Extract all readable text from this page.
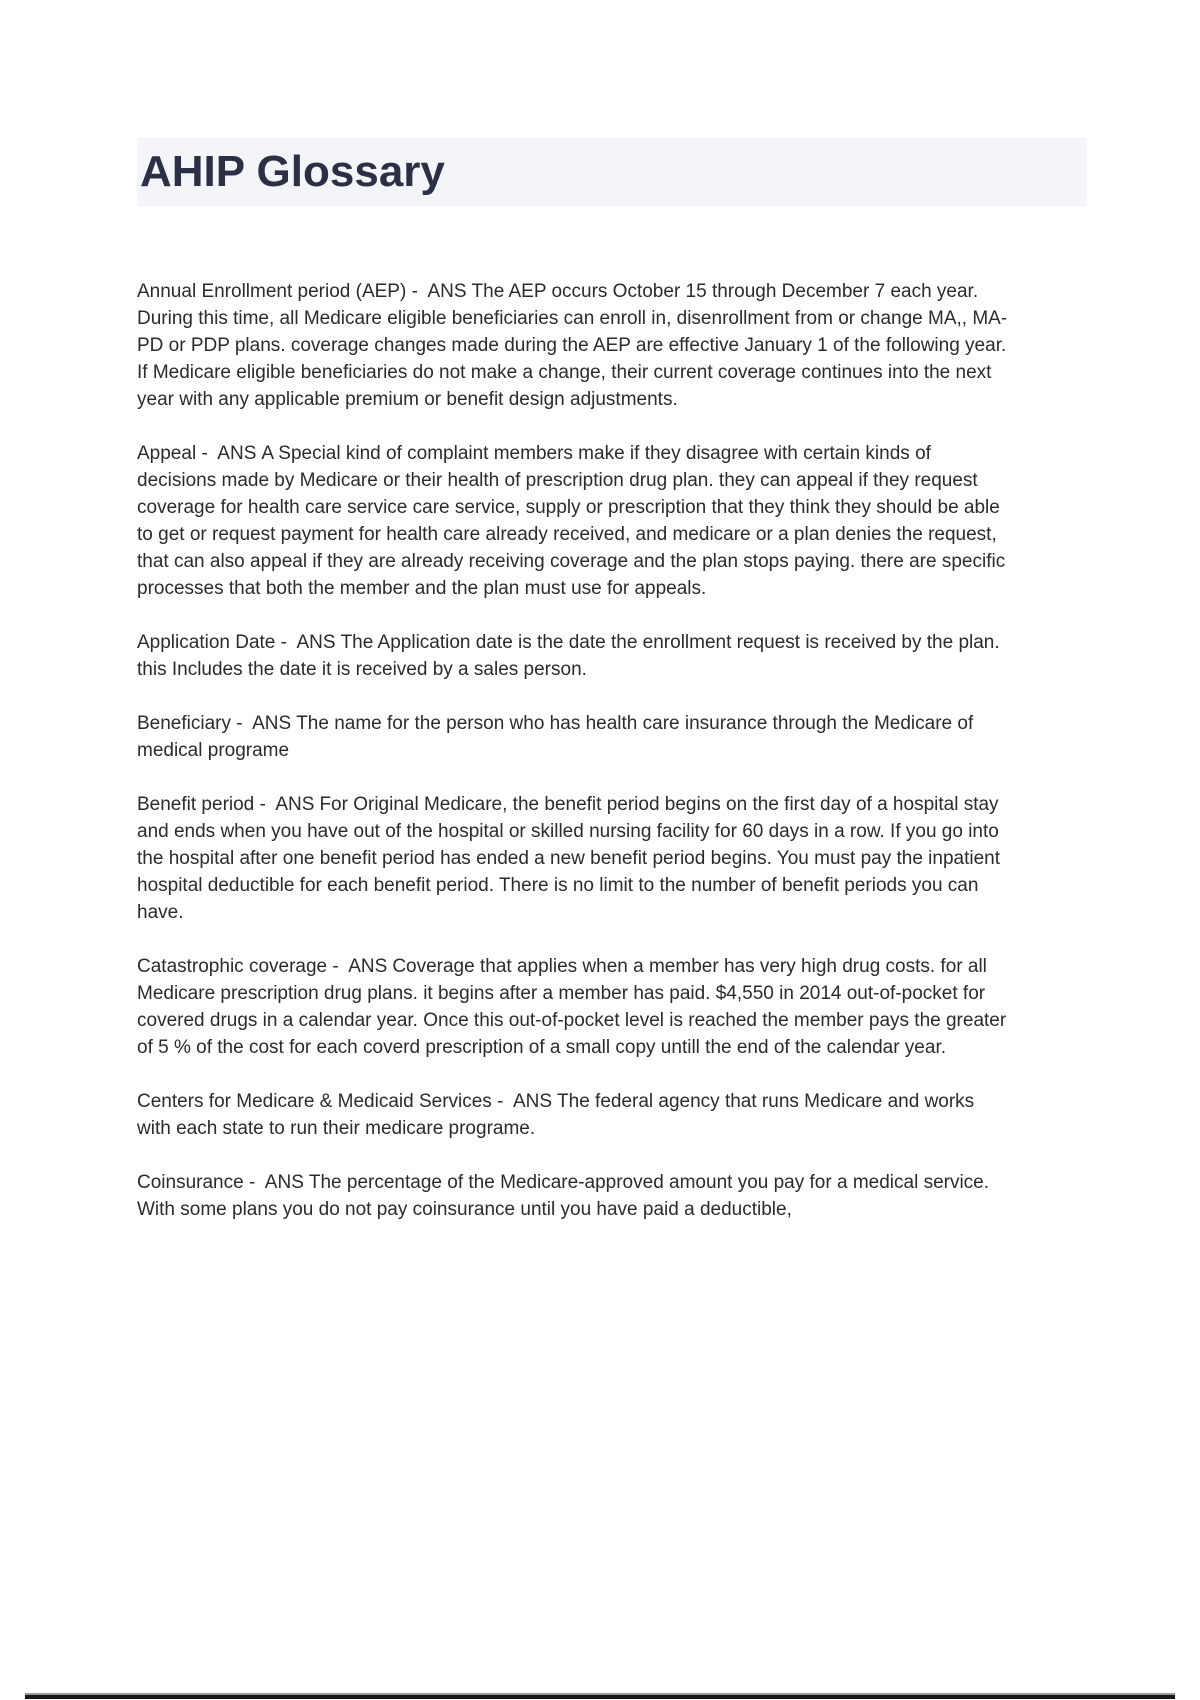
AHIP Glossary

Annual Enrollment period (AEP) -  ANS The AEP occurs October 15 through December 7 each year. During this time, all Medicare eligible beneficiaries can enroll in, disenrollment from or change MA,, MA-PD or PDP plans. coverage changes made during the AEP are effective January 1 of the following year. If Medicare eligible beneficiaries do not make a change, their current coverage continues into the next year with any applicable premium or benefit design adjustments.

Appeal -  ANS A Special kind of complaint members make if they disagree with certain kinds of decisions made by Medicare or their health of prescription drug plan. they can appeal if they request coverage for health care service care service, supply or prescription that they think they should be able to get or request payment for health care already received, and medicare or a plan denies the request, that can also appeal if they are already receiving coverage and the plan stops paying. there are specific processes that both the member and the plan must use for appeals.

Application Date -  ANS The Application date is the date the enrollment request is received by the plan. this Includes the date it is received by a sales person.

Beneficiary -  ANS The name for the person who has health care insurance through the Medicare of medical programe

Benefit period -  ANS For Original Medicare, the benefit period begins on the first day of a hospital stay and ends when you have out of the hospital or skilled nursing facility for 60 days in a row. If you go into the hospital after one benefit period has ended a new benefit period begins. You must pay the inpatient hospital deductible for each benefit period. There is no limit to the number of benefit periods you can have.

Catastrophic coverage -  ANS Coverage that applies when a member has very high drug costs. for all Medicare prescription drug plans. it begins after a member has paid. $4,550 in 2014 out-of-pocket for covered drugs in a calendar year. Once this out-of-pocket level is reached the member pays the greater of 5 % of the cost for each coverd prescription of a small copy untill the end of the calendar year.

Centers for Medicare & Medicaid Services -  ANS The federal agency that runs Medicare and works with each state to run their medicare programe.

Coinsurance -  ANS The percentage of the Medicare-approved amount you pay for a medical service. With some plans you do not pay coinsurance until you have paid a deductible,
